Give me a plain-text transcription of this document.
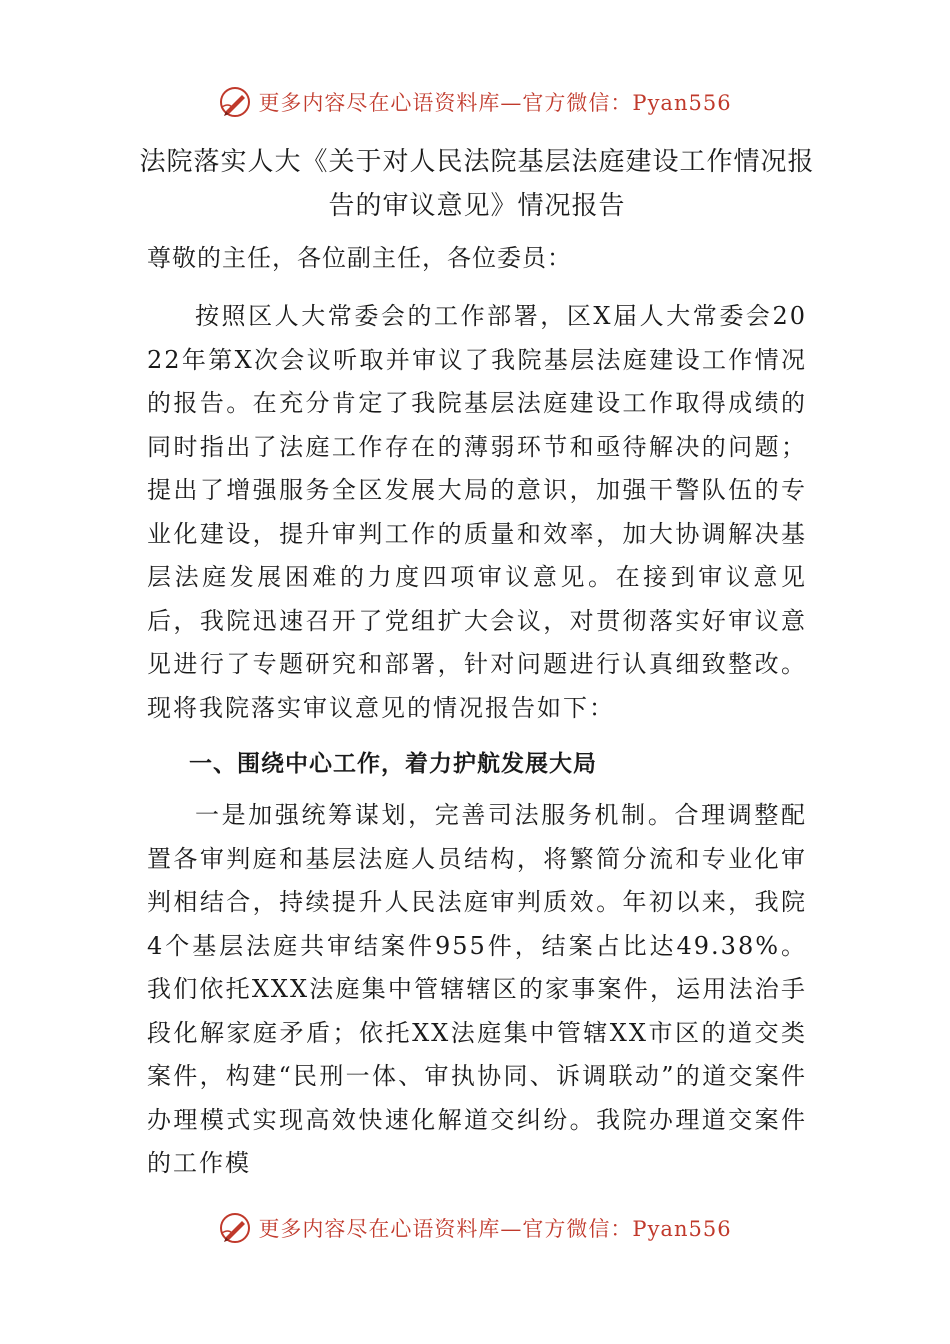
更多内容尽在心语资料库—官方微信：Pyan556
法院落实人大《关于对人民法院基层法庭建设工作情况报
告的审议意见》情况报告
尊敬的主任，各位副主任，各位委员：

按照区人大常委会的工作部署，区X届人大常委会2022年第X次会议听取并审议了我院基层法庭建设工作情况的报告。在充分肯定了我院基层法庭建设工作取得成绩的同时指出了法庭工作存在的薄弱环节和亟待解决的问题；提出了增强服务全区发展大局的意识，加强干警队伍的专业化建设，提升审判工作的质量和效率，加大协调解决基层法庭发展困难的力度四项审议意见。在接到审议意见后，我院迅速召开了党组扩大会议，对贯彻落实好审议意见进行了专题研究和部署，针对问题进行认真细致整改。现将我院落实审议意见的情况报告如下：

一、围绕中心工作，着力护航发展大局

一是加强统筹谋划，完善司法服务机制。合理调整配置各审判庭和基层法庭人员结构，将繁简分流和专业化审判相结合，持续提升人民法庭审判质效。年初以来，我院4个基层法庭共审结案件955件，结案占比达49.38%。我们依托XXX法庭集中管辖辖区的家事案件，运用法治手段化解家庭矛盾；依托XX法庭集中管辖XX市区的道交类案件，构建“民刑一体、审执协同、诉调联动”的道交案件办理模式实现高效快速化解道交纠纷。我院办理道交案件的工作模

更多内容尽在心语资料库—官方微信：Pyan556
